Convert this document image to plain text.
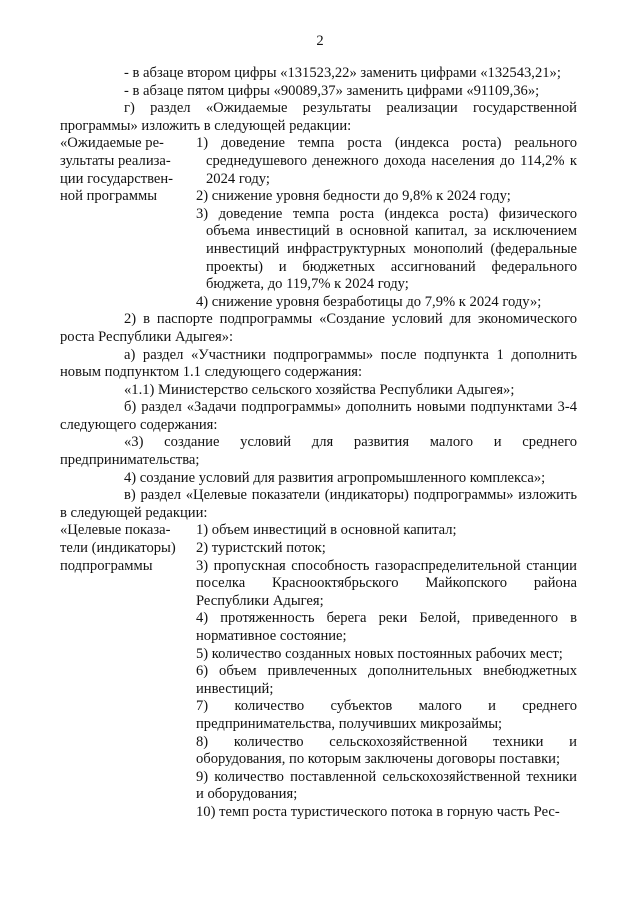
2

- в абзаце втором цифры «131523,22» заменить цифрами «132543,21»;

- в абзаце пятом цифры «90089,37» заменить цифрами «91109,36»;

г) раздел «Ожидаемые результаты реализации государственной программы» изложить в следующей редакции:

«Ожидаемые ре-
зультаты реализа-
ции государствен-
ной программы

1) доведение темпа роста (индекса роста) реального среднедушевого денежного дохода населения до 114,2% к 2024 году;

2) снижение уровня бедности до 9,8% к 2024 году;

3) доведение темпа роста (индекса роста) физического объема инвестиций в основной капитал, за исключением инвестиций инфраструктурных монополий (федеральные проекты) и бюджетных ассигнований федерального бюджета, до 119,7% к 2024 году;

4) снижение уровня безработицы до 7,9% к 2024 году»;

2) в паспорте подпрограммы «Создание условий для экономического роста Республики Адыгея»:

а) раздел «Участники подпрограммы» после подпункта 1 дополнить новым подпунктом 1.1 следующего содержания:

«1.1) Министерство сельского хозяйства Республики Адыгея»;

б) раздел «Задачи подпрограммы» дополнить новыми подпунктами 3-4 следующего содержания:

«3) создание условий для развития малого и среднего предпринимательства;

4) создание условий для развития агропромышленного комплекса»;

в) раздел «Целевые показатели (индикаторы) подпрограммы» изложить в следующей редакции:

«Целевые показа-
тели (индикаторы)
подпрограммы

1) объем инвестиций в основной капитал;

2) туристский поток;

3) пропускная способность газораспределительной станции поселка Краснооктябрьского Майкопского района Республики Адыгея;

4) протяженность берега реки Белой, приведенного в нормативное состояние;

5) количество созданных новых постоянных рабочих мест;

6) объем привлеченных дополнительных внебюджетных инвестиций;

7) количество субъектов малого и среднего предпринимательства, получивших микрозаймы;

8) количество сельскохозяйственной техники и оборудования, по которым заключены договоры поставки;

9) количество поставленной сельскохозяйственной техники и оборудования;

10) темп роста туристического потока в горную часть Рес-
